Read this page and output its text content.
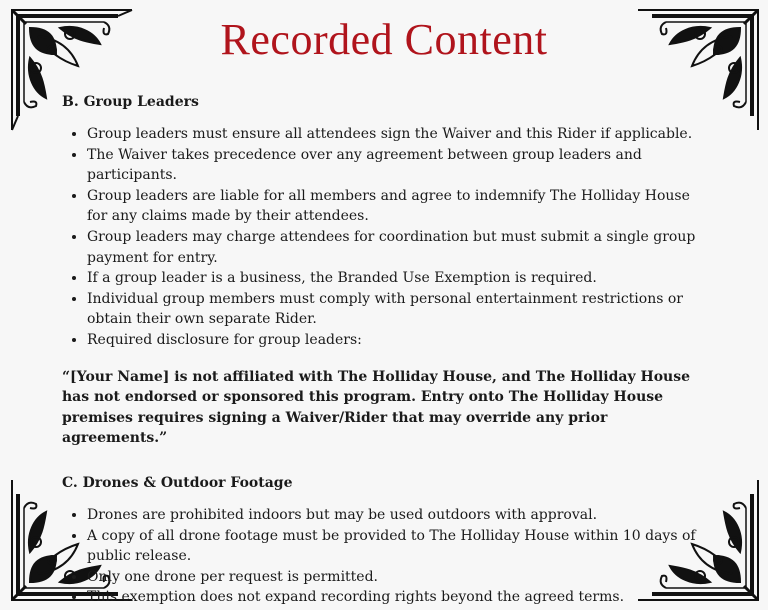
Recorded Content
B. Group Leaders
• Group leaders must ensure all attendees sign the Waiver and this Rider if applicable.
• The Waiver takes precedence over any agreement between group leaders and participants.
• Group leaders are liable for all members and agree to indemnify The Holliday House for any claims made by their attendees.
• Group leaders may charge attendees for coordination but must submit a single group payment for entry.
• If a group leader is a business, the Branded Use Exemption is required.
• Individual group members must comply with personal entertainment restrictions or obtain their own separate Rider.
• Required disclosure for group leaders:

“[Your Name] is not affiliated with The Holliday House, and The Holliday House has not endorsed or sponsored this program. Entry onto The Holliday House premises requires signing a Waiver/Rider that may override any prior agreements.”

C. Drones & Outdoor Footage
• Drones are prohibited indoors but may be used outdoors with approval.
• A copy of all drone footage must be provided to The Holliday House within 10 days of public release.
• Only one drone per request is permitted.
• This exemption does not expand recording rights beyond the agreed terms.
